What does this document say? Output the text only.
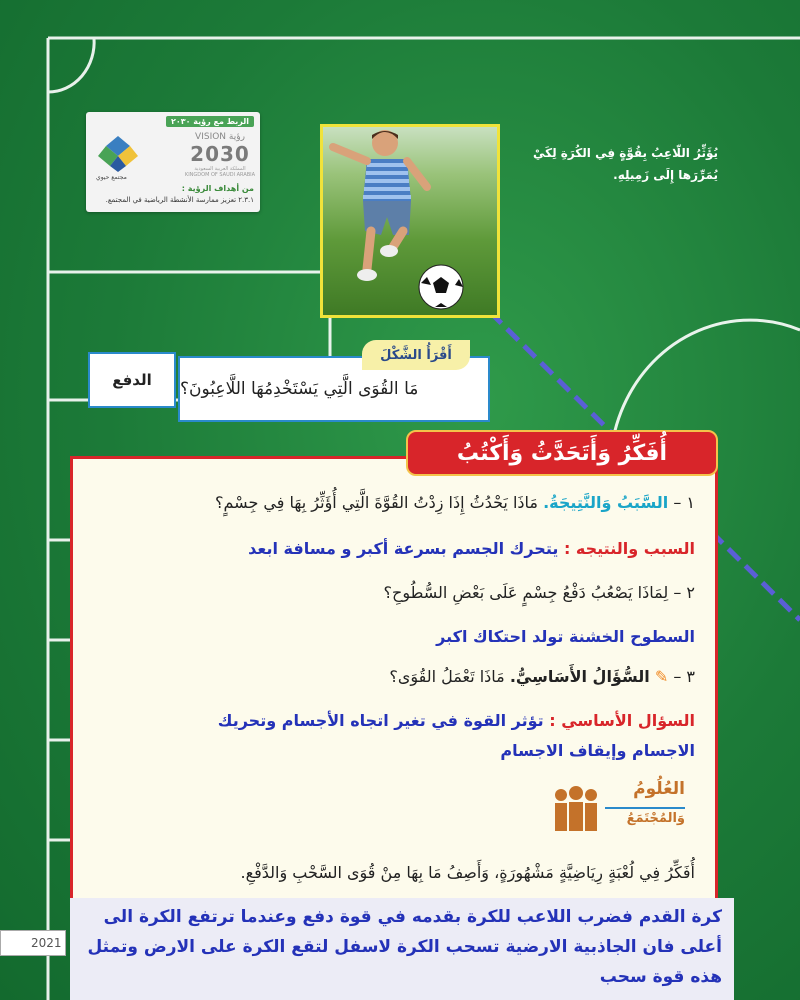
الربط مع رؤية ٢٠٣٠
مجتمع حيوي
VISION رؤية
2030
المملكة العربية السعودية KINGDOM OF SAUDI ARABIA
من أهداف الرؤية :
٢.٣.١ تعزيز ممارسة الأنشطة الرياضية في المجتمع.
يُؤَثِّرُ اللّاعِبُ بِقُوَّةٍ فِي الكُرَةِ لِكَيْ يُمَرِّرَها إِلَى زَمِيلِهِ.
الدفع	مَا القُوَى الَّتِي يَسْتَخْدِمُهَا اللَّاعِبُونَ؟
أَقْرَأُ الشَّكْلَ
١ – السَّبَبُ وَالنَّتِيجَةُ. مَاذَا يَحْدُثُ إِذَا زِدْتُ القُوَّةَ الَّتِي أُؤَثِّرُ بِهَا فِي جِسْمٍ؟
السبب والنتيجه : يتحرك الجسم بسرعة أكبر و مسافة ابعد
٢ – لِمَاذَا يَصْعُبُ دَفْعُ جِسْمٍ عَلَى بَعْضِ السُّطُوحِ؟
السطوح الخشنة تولد احتكاك اكبر
٣ – ✎ السُّؤَالُ الأَسَاسِيُّ. مَاذَا تَعْمَلُ القُوَى؟
السؤال الأساسي : تؤثر القوة في تغير اتجاه الأجسام وتحريك
الاجسام وإيقاف الاجسام
العُلُومُ
وَالمُجْتَمَعُ
أُفَكِّرُ فِي لُعْبَةٍ رِيَاضِيَّةٍ مَشْهُورَةٍ، وَأَصِفُ مَا بِهَا مِنْ قُوَى السَّحْبِ وَالدَّفْعِ.
أُفَكِّرُ وَأَتَحَدَّثُ وَأَكْتُبُ
كرة القدم فضرب اللاعب للكرة بقدمه في قوة دفع وعندما ترتفع الكرة الى أعلى فان الجاذبية الارضية تسحب الكرة لاسفل لتقع الكرة على الارض وتمثل هذه قوة سحب
2021
